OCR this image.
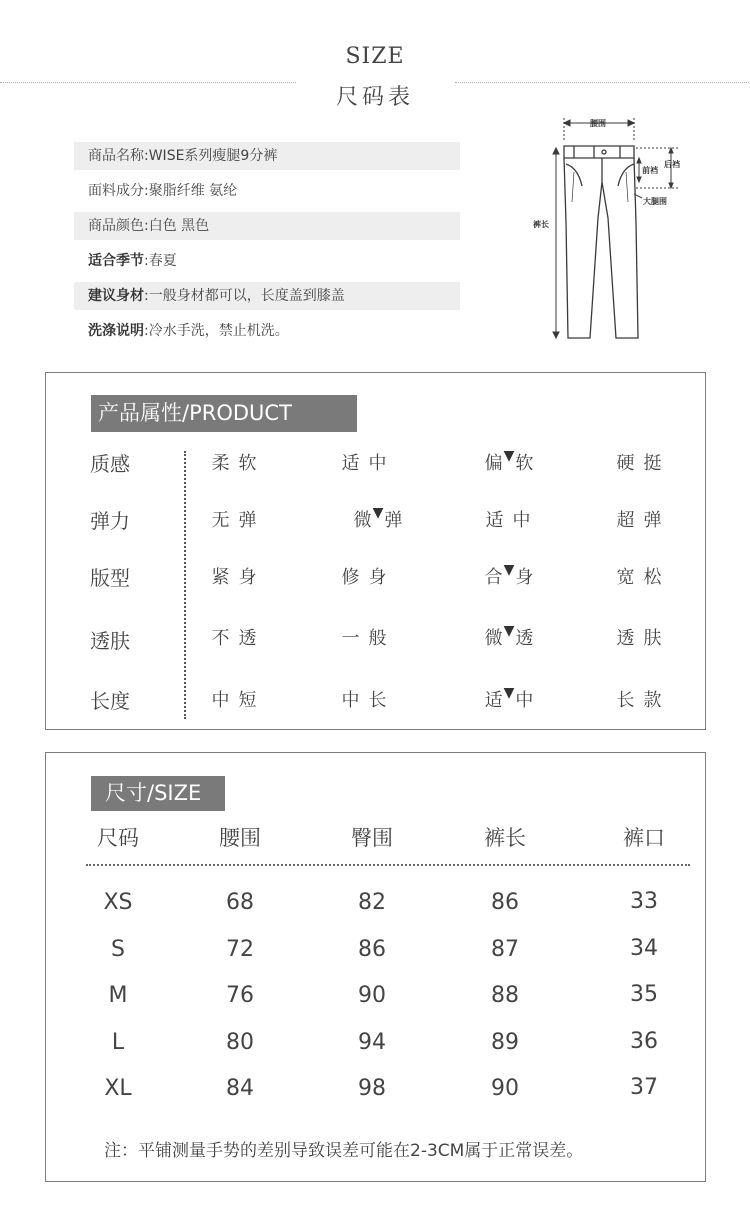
SIZE
尺码表
商品名称:WISE系列瘦腿9分裤
面料成分:聚脂纤维 氨纶
商品颜色:白色 黑色
适合季节:春夏
建议身材:一般身材都可以，长度盖到膝盖
洗涤说明:冷水手洗，禁止机洗。
腰围
前裆
后裆
大腿围
裤长
产品属性/PRODUCT
质感	柔软	适中	偏▼软	硬挺
弹力	无弹	微▼弹	适中	超弹
版型	紧身	修身	合▼身	宽松
透肤	不透	一般	微▼透	透肤
长度	中短	中长	适▼中	长款
尺寸/SIZE
尺码	腰围	臀围	裤长	裤口
XS	68	82	86	33
S	72	86	87	34
M	76	90	88	35
L	80	94	89	36
XL	84	98	90	37
注：平铺测量手势的差别导致误差可能在2-3CM属于正常误差。
